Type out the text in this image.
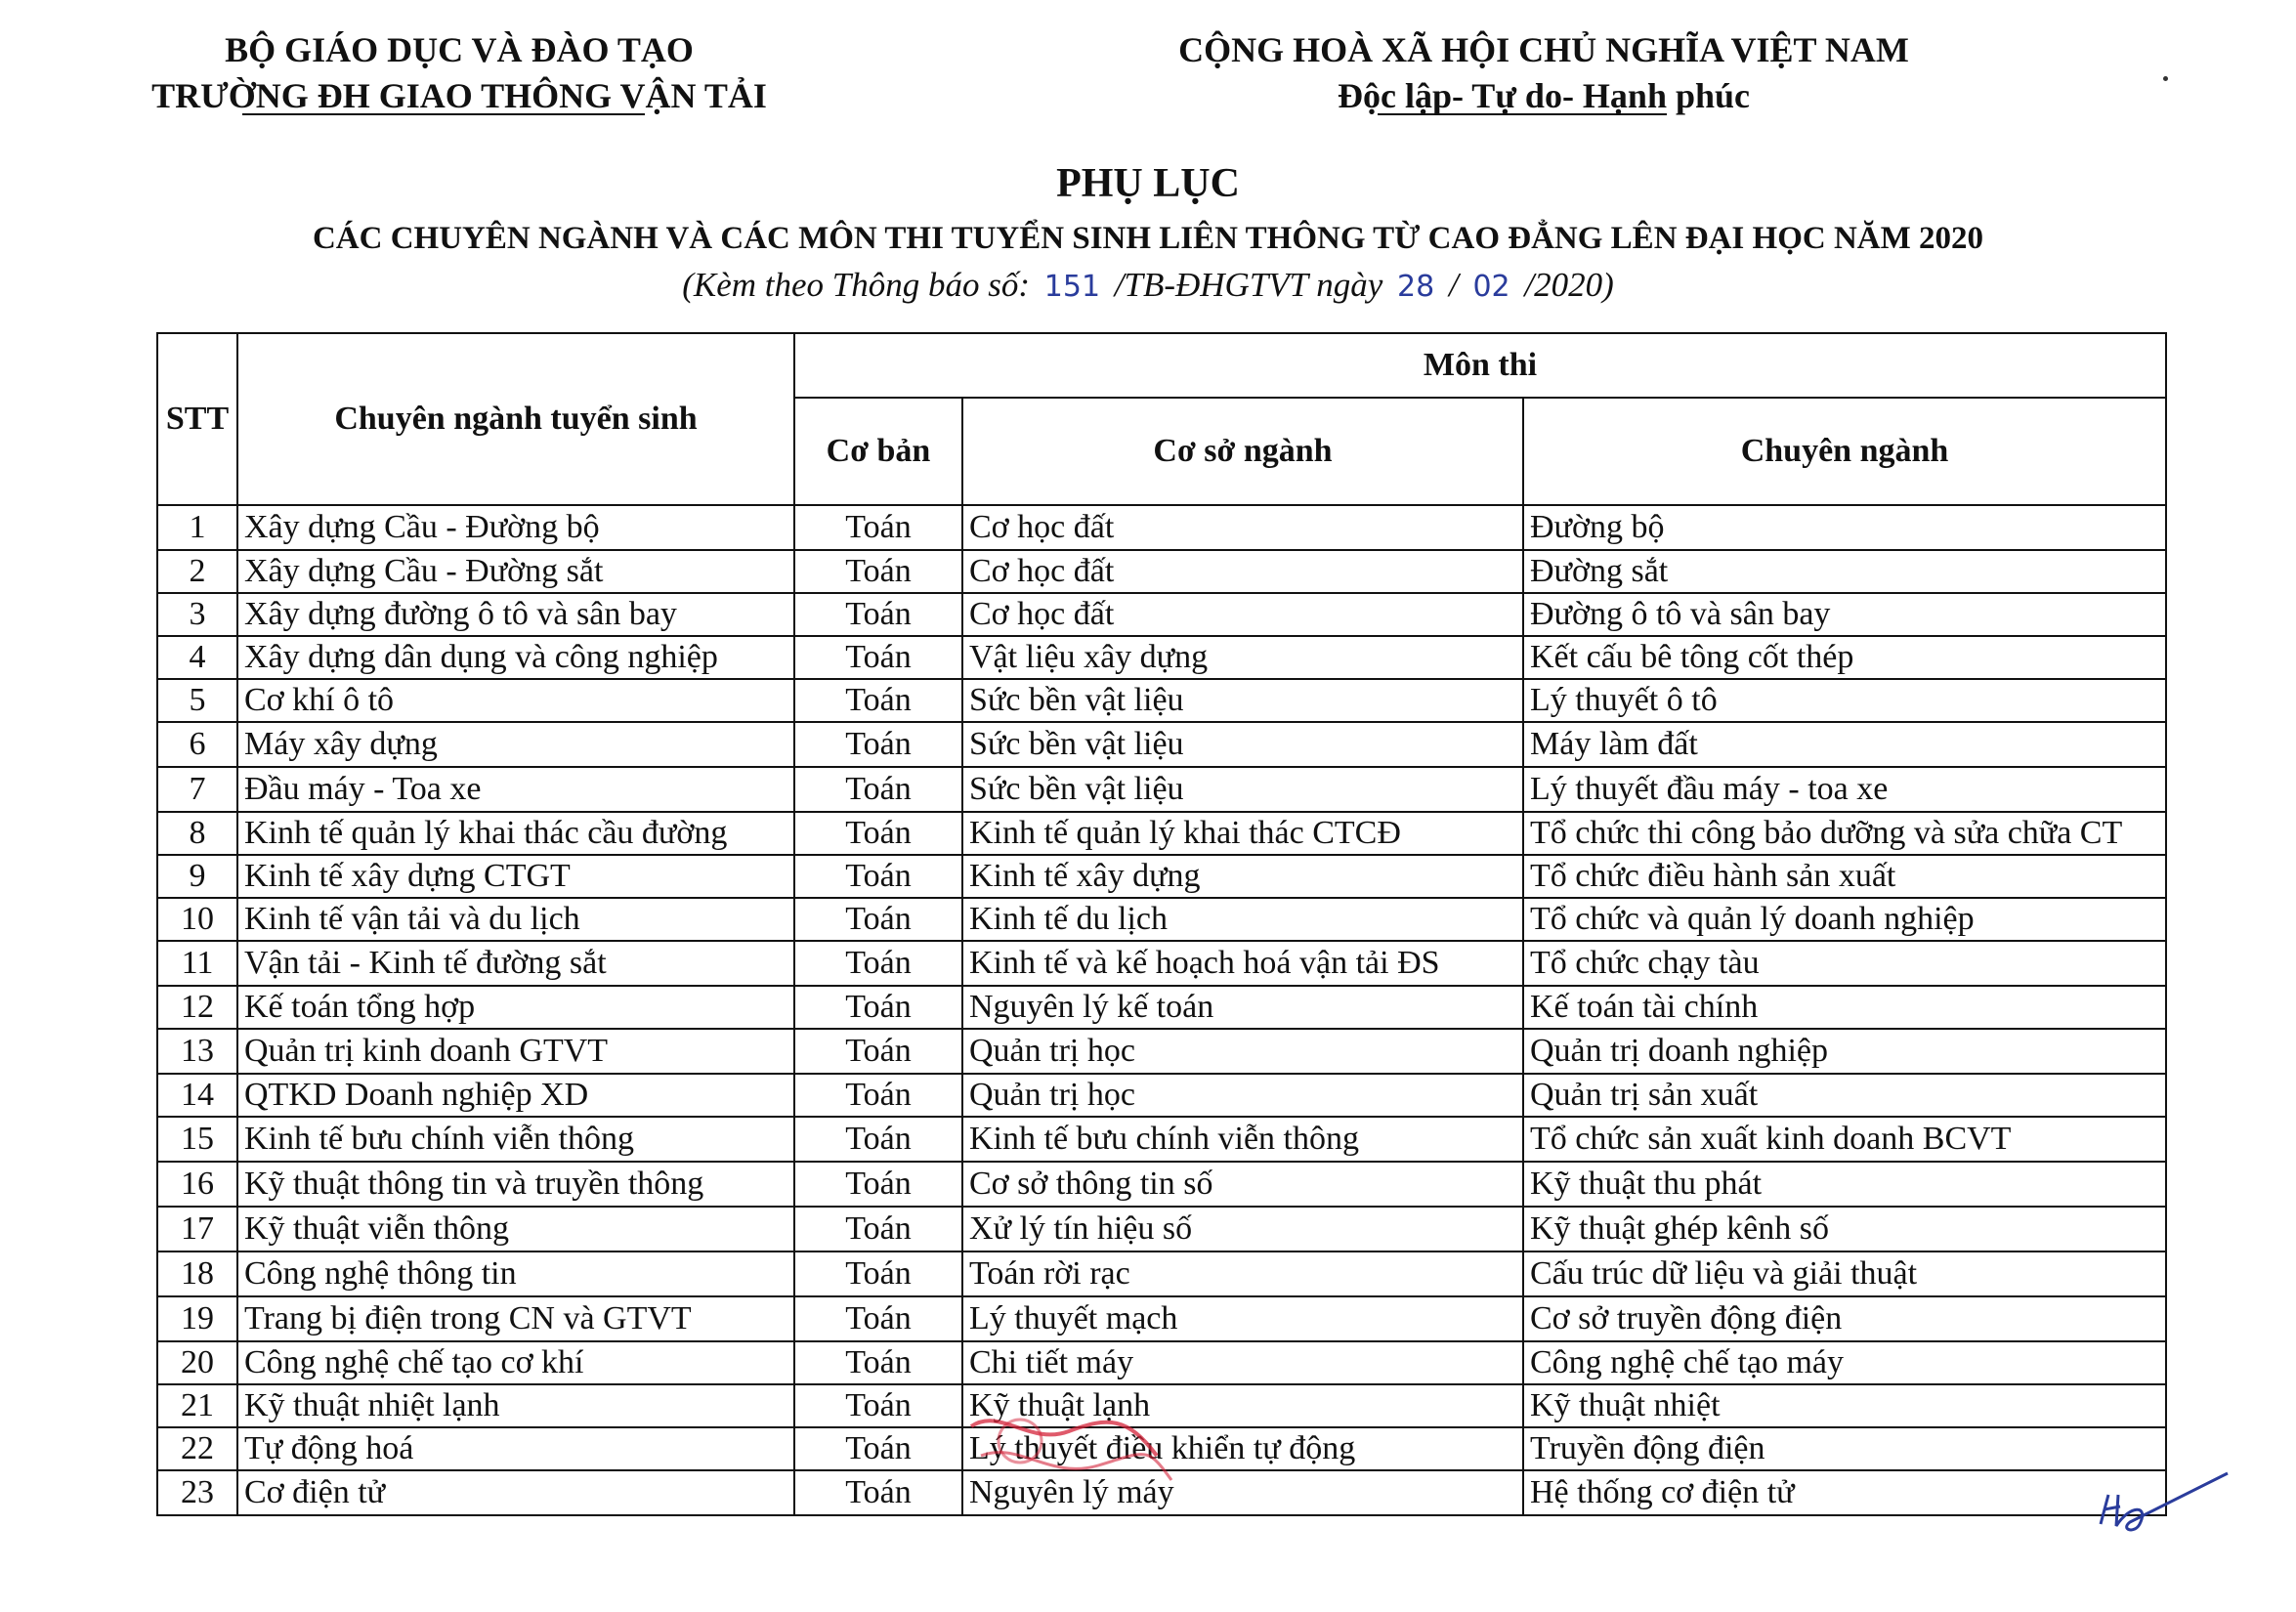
BỘ GIÁO DỤC VÀ ĐÀO TẠO
TRƯỜNG ĐH GIAO THÔNG VẬN TẢI
CỘNG HOÀ XÃ HỘI CHỦ NGHĨA VIỆT NAM
Độc lập- Tự do- Hạnh phúc
PHỤ LỤC
CÁC CHUYÊN NGÀNH VÀ CÁC MÔN THI TUYỂN SINH LIÊN THÔNG TỪ CAO ĐẲNG LÊN ĐẠI HỌC NĂM 2020
(Kèm theo Thông báo số: 151 /TB-ĐHGTVT ngày 28 / 02 /2020)
STT	Chuyên ngành tuyển sinh	Môn thi		
		Cơ bản	Cơ sở ngành	Chuyên ngành
1	Xây dựng Cầu - Đường bộ	Toán	Cơ học đất	Đường bộ
2	Xây dựng Cầu - Đường sắt	Toán	Cơ học đất	Đường sắt
3	Xây dựng đường ô tô và sân bay	Toán	Cơ học đất	Đường ô tô và sân bay
4	Xây dựng dân dụng và công nghiệp	Toán	Vật liệu xây dựng	Kết cấu bê tông cốt thép
5	Cơ khí ô tô	Toán	Sức bền vật liệu	Lý thuyết ô tô
6	Máy xây dựng	Toán	Sức bền vật liệu	Máy làm đất
7	Đầu máy - Toa xe	Toán	Sức bền vật liệu	Lý thuyết đầu máy - toa xe
8	Kinh tế quản lý khai thác cầu đường	Toán	Kinh tế quản lý khai thác CTCĐ	Tổ chức thi công bảo dưỡng và sửa chữa CT
9	Kinh tế xây dựng CTGT	Toán	Kinh tế xây dựng	Tổ chức điều hành sản xuất
10	Kinh tế vận tải và du lịch	Toán	Kinh tế du lịch	Tổ chức và quản lý doanh nghiệp
11	Vận tải - Kinh tế đường sắt	Toán	Kinh tế và kế hoạch hoá vận tải ĐS	Tổ chức chạy tàu
12	Kế toán tổng hợp	Toán	Nguyên lý kế toán	Kế toán tài chính
13	Quản trị kinh doanh GTVT	Toán	Quản trị học	Quản trị doanh nghiệp
14	QTKD Doanh nghiệp XD	Toán	Quản trị học	Quản trị sản xuất
15	Kinh tế bưu chính viễn thông	Toán	Kinh tế bưu chính viễn thông	Tổ chức sản xuất kinh doanh BCVT
16	Kỹ thuật thông tin và truyền thông	Toán	Cơ sở thông tin số	Kỹ thuật thu phát
17	Kỹ thuật viễn thông	Toán	Xử lý tín hiệu số	Kỹ thuật ghép kênh số
18	Công nghệ thông tin	Toán	Toán rời rạc	Cấu trúc dữ liệu và giải thuật
19	Trang bị điện trong CN và GTVT	Toán	Lý thuyết mạch	Cơ sở truyền động điện
20	Công nghệ chế tạo cơ khí	Toán	Chi tiết máy	Công nghệ chế tạo máy
21	Kỹ thuật nhiệt lạnh	Toán	Kỹ thuật lạnh	Kỹ thuật nhiệt
22	Tự động hoá	Toán	Lý thuyết điều khiển tự động	Truyền động điện
23	Cơ điện tử	Toán	Nguyên lý máy	Hệ thống cơ điện tử
